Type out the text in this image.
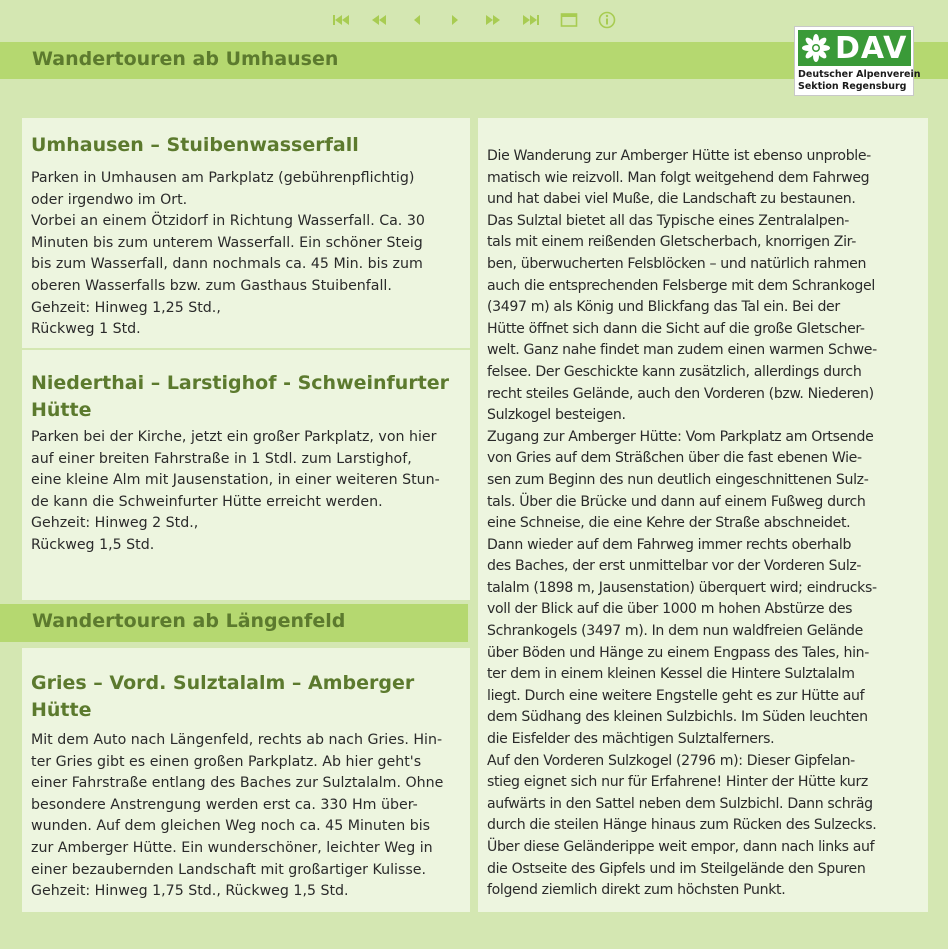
Wandertouren ab Umhausen	DAV
Deutscher Alpenverein
Sektion Regensburg
Umhausen – Stuibenwasserfall
Parken in Umhausen am Parkplatz (gebührenpflichtig)
oder irgendwo im Ort.
Vorbei an einem Ötzidorf in Richtung Wasserfall. Ca. 30
Minuten bis zum unterem Wasserfall. Ein schöner Steig
bis zum Wasserfall, dann nochmals ca. 45 Min. bis zum
oberen Wasserfalls bzw. zum Gasthaus Stuibenfall.
Gehzeit: Hinweg 1,25 Std.,
Rückweg 1 Std.
Niederthai – Larstighof - Schweinfurter
Hütte
Parken bei der Kirche, jetzt ein großer Parkplatz, von hier
auf einer breiten Fahrstraße in 1 Stdl. zum Larstighof,
eine kleine Alm mit Jausenstation, in einer weiteren Stun-
de kann die Schweinfurter Hütte erreicht werden.
Gehzeit: Hinweg 2 Std.,
Rückweg 1,5 Std.
Wandertouren ab Längenfeld
Gries – Vord. Sulztalalm – Amberger
Hütte
Mit dem Auto nach Längenfeld, rechts ab nach Gries. Hin-
ter Gries gibt es einen großen Parkplatz. Ab hier geht's
einer Fahrstraße entlang des Baches zur Sulztalalm. Ohne
besondere Anstrengung werden erst ca. 330 Hm über-
wunden. Auf dem gleichen Weg noch ca. 45 Minuten bis
zur Amberger Hütte. Ein wunderschöner, leichter Weg in
einer bezaubernden Landschaft mit großartiger Kulisse.
Gehzeit: Hinweg 1,75 Std., Rückweg 1,5 Std.
Die Wanderung zur Amberger Hütte ist ebenso unproble-
matisch wie reizvoll. Man folgt weitgehend dem Fahrweg
und hat dabei viel Muße, die Landschaft zu bestaunen.
Das Sulztal bietet all das Typische eines Zentralalpen-
tals mit einem reißenden Gletscherbach, knorrigen Zir-
ben, überwucherten Felsblöcken – und natürlich rahmen
auch die entsprechenden Felsberge mit dem Schrankogel
(3497 m) als König und Blickfang das Tal ein. Bei der
Hütte öffnet sich dann die Sicht auf die große Gletscher-
welt. Ganz nahe findet man zudem einen warmen Schwe-
felsee. Der Geschickte kann zusätzlich, allerdings durch
recht steiles Gelände, auch den Vorderen (bzw. Niederen)
Sulzkogel besteigen.
Zugang zur Amberger Hütte: Vom Parkplatz am Ortsende
von Gries auf dem Sträßchen über die fast ebenen Wie-
sen zum Beginn des nun deutlich eingeschnittenen Sulz-
tals. Über die Brücke und dann auf einem Fußweg durch
eine Schneise, die eine Kehre der Straße abschneidet.
Dann wieder auf dem Fahrweg immer rechts oberhalb
des Baches, der erst unmittelbar vor der Vorderen Sulz-
talalm (1898 m, Jausenstation) überquert wird; eindrucks-
voll der Blick auf die über 1000 m hohen Abstürze des
Schrankogels (3497 m). In dem nun waldfreien Gelände
über Böden und Hänge zu einem Engpass des Tales, hin-
ter dem in einem kleinen Kessel die Hintere Sulztalalm
liegt. Durch eine weitere Engstelle geht es zur Hütte auf
dem Südhang des kleinen Sulzbichls. Im Süden leuchten
die Eisfelder des mächtigen Sulztalferners.
Auf den Vorderen Sulzkogel (2796 m): Dieser Gipfelan-
stieg eignet sich nur für Erfahrene! Hinter der Hütte kurz
aufwärts in den Sattel neben dem Sulzbichl. Dann schräg
durch die steilen Hänge hinaus zum Rücken des Sulzecks.
Über diese Geländerippe weit empor, dann nach links auf
die Ostseite des Gipfels und im Steilgelände den Spuren
folgend ziemlich direkt zum höchsten Punkt.
